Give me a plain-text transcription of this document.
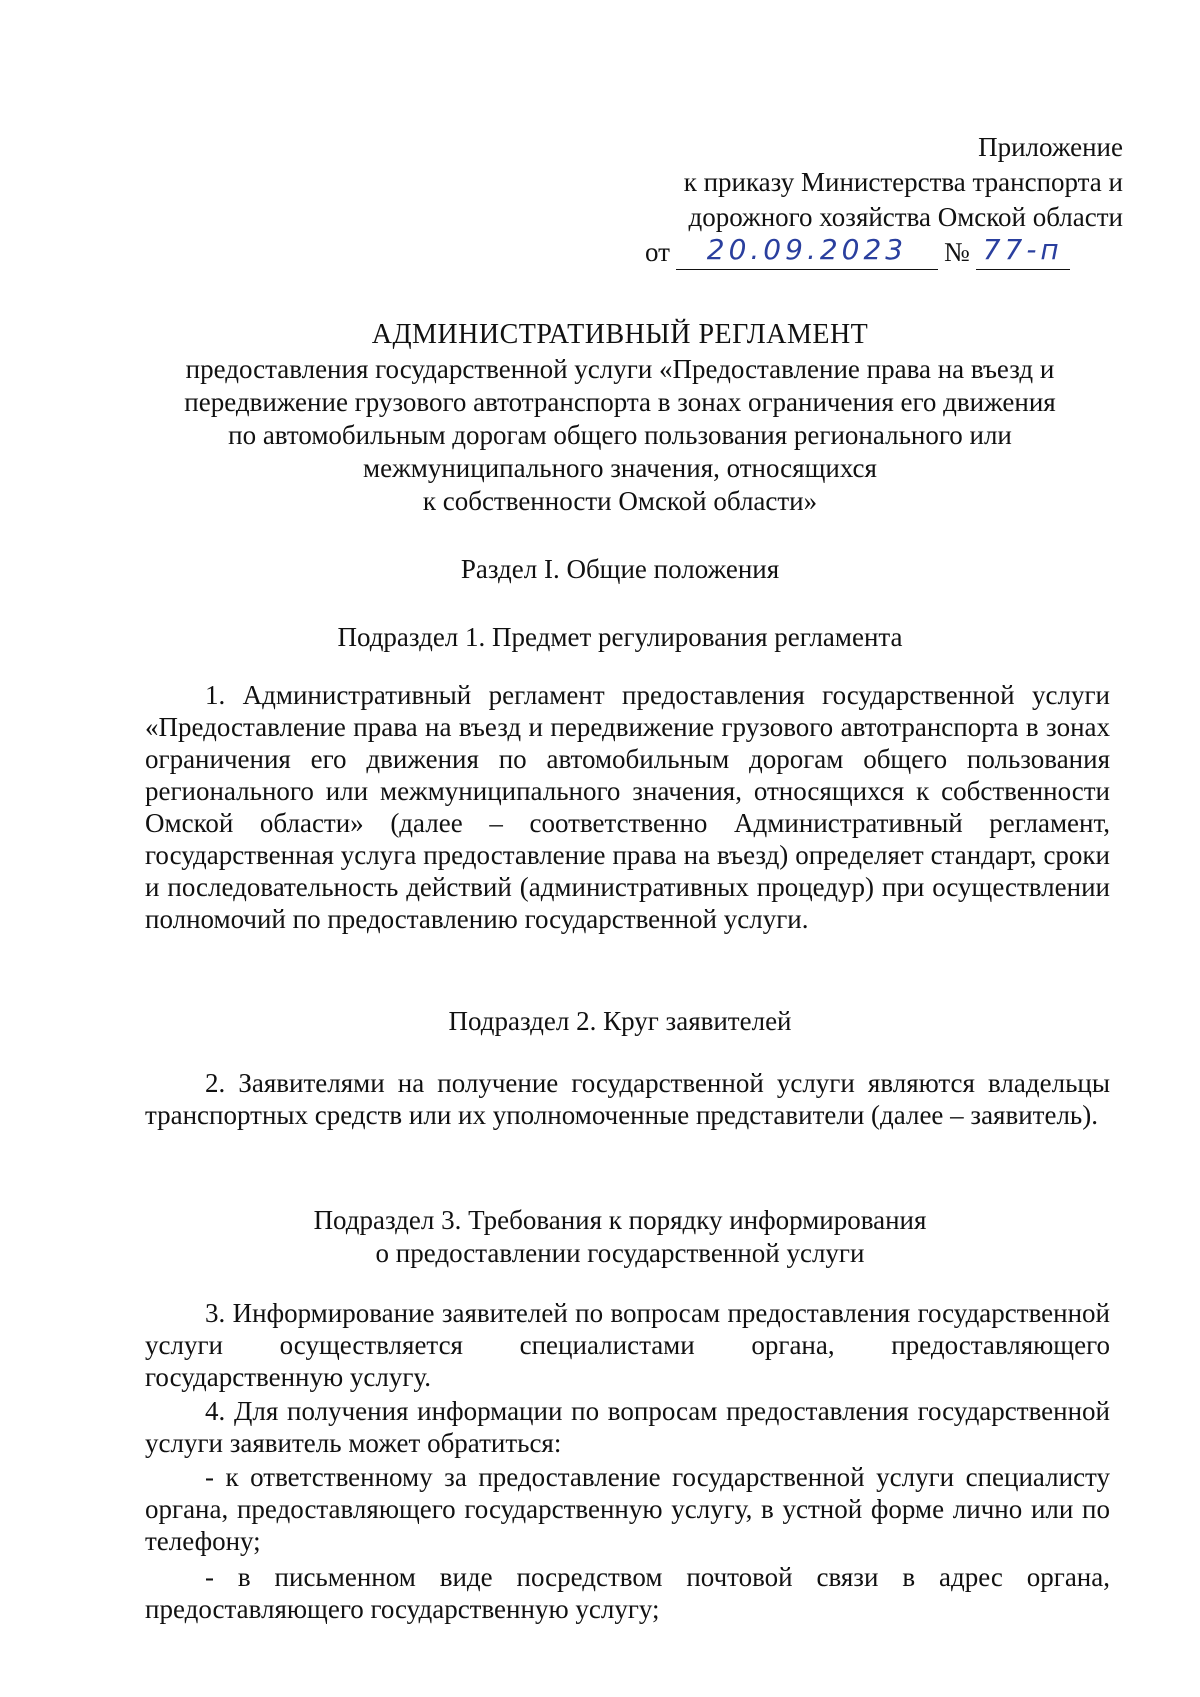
Приложение
к приказу Министерства транспорта и
дорожного хозяйства Омской области
от	20.09.2023	№ 77-п
АДМИНИСТРАТИВНЫЙ РЕГЛАМЕНТ
предоставления государственной услуги «Предоставление права на въезд и
передвижение грузового автотранспорта в зонах ограничения его движения
по автомобильным дорогам общего пользования регионального или
межмуниципального значения, относящихся
к собственности Омской области»
Раздел I. Общие положения
Подраздел 1. Предмет регулирования регламента
1. Административный регламент предоставления государственной услуги «Предоставление права на въезд и передвижение грузового автотранспорта в зонах ограничения его движения по автомобильным дорогам общего пользования регионального или межмуниципального значения, относящихся к собственности Омской области» (далее – соответственно Административный регламент, государственная услуга предоставление права на въезд) определяет стандарт, сроки и последовательность действий (административных процедур) при осуществлении полномочий по предоставлению государственной услуги.
Подраздел 2. Круг заявителей
2. Заявителями на получение государственной услуги являются владельцы транспортных средств или их уполномоченные представители (далее – заявитель).
Подраздел 3. Требования к порядку информирования
о предоставлении государственной услуги
3. Информирование заявителей по вопросам предоставления государственной услуги осуществляется специалистами органа, предоставляющего государственную услугу.
4. Для получения информации по вопросам предоставления государственной услуги заявитель может обратиться:
- к ответственному за предоставление государственной услуги специалисту органа, предоставляющего государственную услугу, в устной форме лично или по телефону;
- в письменном виде посредством почтовой связи в адрес органа, предоставляющего государственную услугу;
